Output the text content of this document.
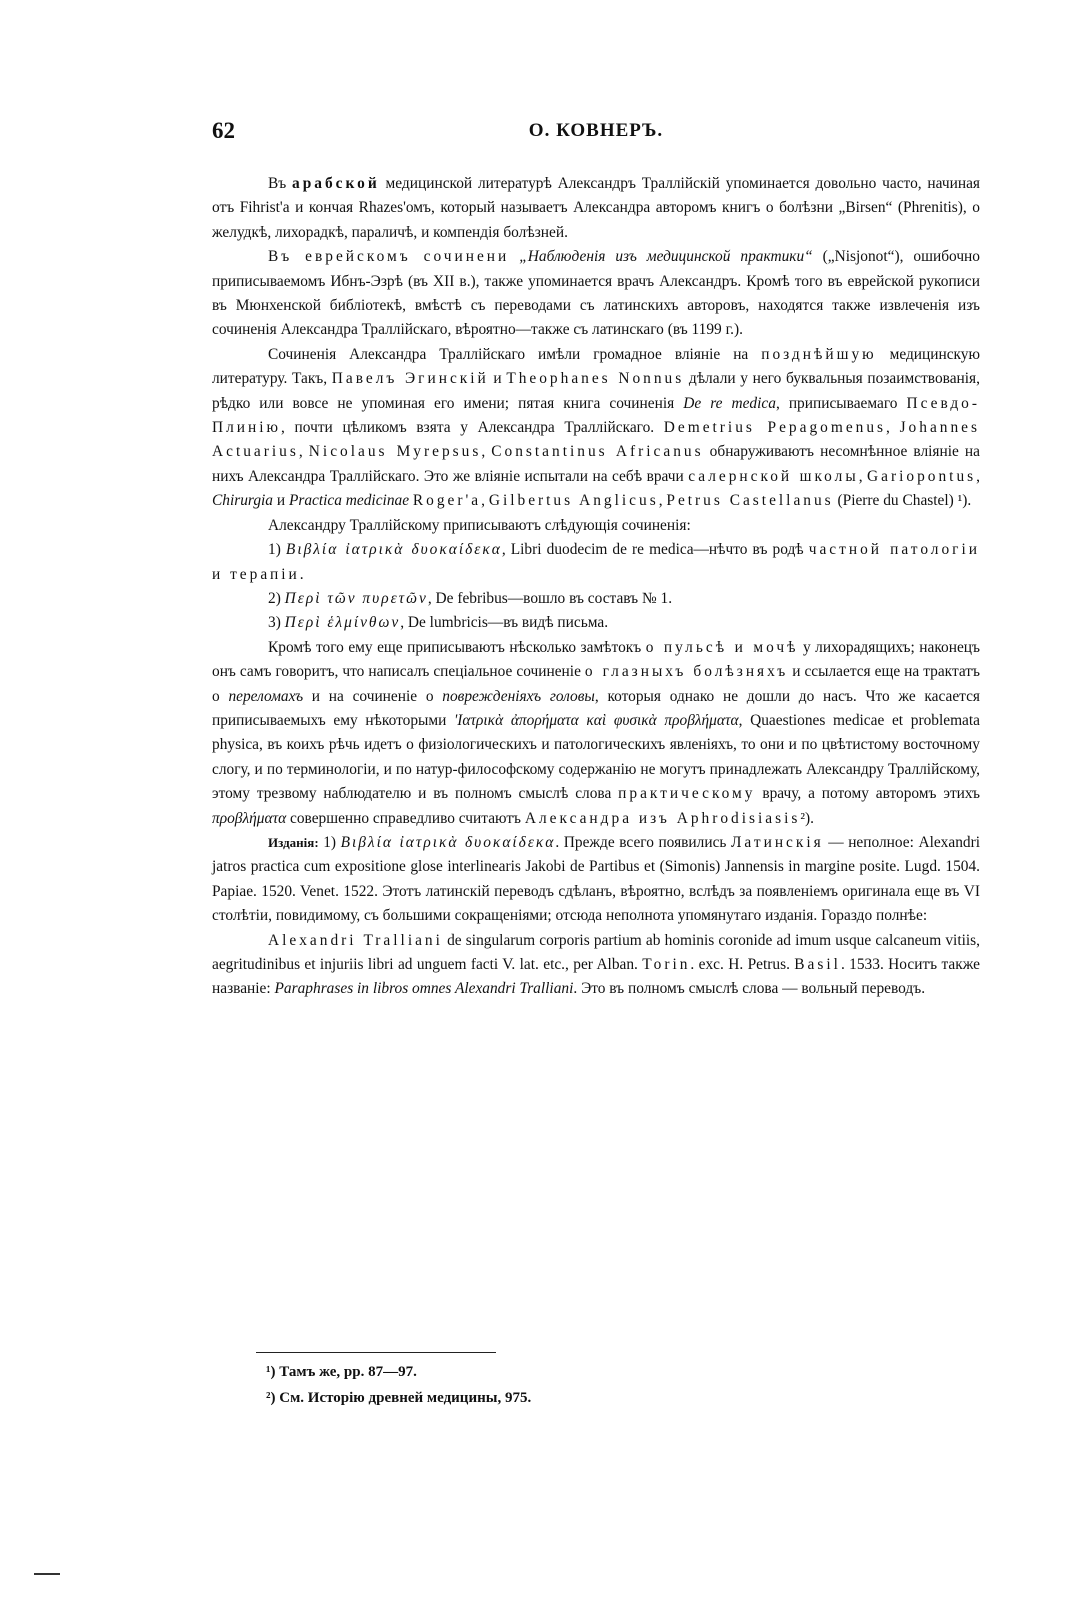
62	O. КОВНЕРЪ.

Въ арабской медицинской литературѣ Александръ Траллійскій упоминается довольно часто, начиная отъ Fihrist'а и кончая Rhazes'омъ, который называетъ Александра авторомъ книгъ о болѣзни „Birsen“ (Phrenitis), о желудкѣ, лихорадкѣ, параличѣ, и компендія болѣзней.

Въ еврейскомъ сочинени „Наблюденія изъ медицинской практики“ („Nisjonot“), ошибочно приписываемомъ Ибнъ-Эзрѣ (въ XII в.), также упоминается врачъ Александръ. Кромѣ того въ еврейской рукописи въ Мюнхенской библіотекѣ, вмѣстѣ съ переводами съ латинскихъ авторовъ, находятся также извлеченія изъ сочиненія Александра Траллійскаго, вѣроятно—также съ латинскаго (въ 1199 г.).

Сочиненія Александра Траллійскаго имѣли громадное вліяніе на позднѣйшую медицинскую литературу. Такъ, Павелъ Эгинскій и Theophanes Nonnus дѣлали у него буквальныя позаимствованія, рѣдко или вовсе не упоминая его имени; пятая книга сочиненія De re medica, приписываемаго Псевдо-Плинію, почти цѣликомъ взята у Александра Траллійскаго. Demetrius Pepagomenus, Johannes Actuarius, Nicolaus Myrepsus, Constantinus Africanus обнаруживаютъ несомнѣнное вліяніе на нихъ Александра Траллійскаго. Это же вліяніе испытали на себѣ врачи салернской школы, Gariopontus, Chirurgia и Practica medicinae Roger'а, Gilbertus Anglicus, Petrus Castellanus (Pierre du Chastel) ¹).

Александру Траллійскому приписываютъ слѣдующія сочиненія:

1) Βιβλία ἰατρικὰ δυοκαίδεκα, Libri duodecim de re medica—нѣчто въ родѣ частной патологіи и терапіи.

2) Περὶ τῶν πυρετῶν, De febribus—вошло въ составъ № 1.

3) Περὶ ἑλμίνθων, De lumbricis—въ видѣ письма.

Кромѣ того ему еще приписываютъ нѣсколько замѣтокъ о пульсѣ и мочѣ у лихорадящихъ; наконецъ онъ самъ говоритъ, что написалъ спеціальное сочиненіе о глазныхъ болѣзняхъ и ссылается еще на трактатъ о переломахъ и на сочиненіе о поврежденіяхъ головы, которыя однако не дошли до насъ. Что же касается приписываемыхъ ему нѣкоторыми 'Ιατρικὰ ἀπορήματα καὶ φυσικὰ προβλήματα, Quaestiones medicae et problemata physica, въ коихъ рѣчь идетъ о физіологическихъ и патологическихъ явленіяхъ, то они и по цвѣтистому восточному слогу, и по терминологіи, и по натур-философскому содержанію не могутъ принадлежать Александру Траллійскому, этому трезвому наблюдателю и въ полномъ смыслѣ слова практическому врачу, а потому авторомъ этихъ προβλήματα совершенно справедливо считаютъ Александра изъ Aphrodisiasis²).

Изданія: 1) Βιβλία ἰατρικὰ δυοκαίδεκα. Прежде всего появились Латинскія — неполное: Alexandri jatros practica cum expositione glose interlinearis Jakobi de Partibus et (Simonis) Jannensis in margine posite. Lugd. 1504. Papiae. 1520. Venet. 1522. Этотъ латинскій переводъ сдѣланъ, вѣроятно, вслѣдъ за появленіемъ оригинала еще въ VI столѣтіи, повидимому, съ большими сокращеніями; отсюда неполнота упомянутаго изданія. Гораздо полнѣе:

Alexandri Tralliani de singularum corporis partium ab hominis coronide ad imum usque calcaneum vitiis, aegritudinibus et injuriis libri ad unguem facti V. lat. etc., per Alban. Torin. exc. H. Petrus. Basil. 1533. Носитъ также названіе: Paraphrases in libros omnes Alexandri Tralliani. Это въ полномъ смыслѣ слова — вольный переводъ.

¹) Тамъ же, pp. 87—97.
²) См. Исторію древней медицины, 975.
